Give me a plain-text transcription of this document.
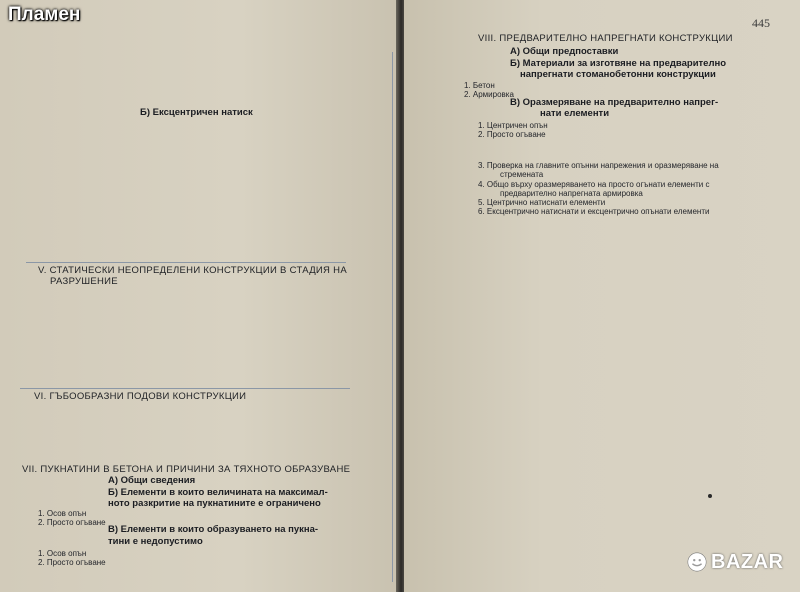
Пламен
Б) Ексцентричен натиск
V. СТАТИЧЕСКИ НЕОПРЕДЕЛЕНИ КОНСТРУКЦИИ В СТАДИЯ НА
РАЗРУШЕНИЕ
VI. ГЪБООБРАЗНИ ПОДОВИ КОНСТРУКЦИИ
VII. ПУКНАТИНИ В БЕТОНА И ПРИЧИНИ ЗА ТЯХНОТО ОБРАЗУВАНЕ
А) Общи сведения
Б) Елементи в които величината на максимал-
ното разкритие на пукнатините е ограничено
1. Осов опън
2. Просто огъване
В) Елементи в които образуването на пукна-
тини е недопустимо
1. Осов опън
2. Просто огъване
445
VIII. ПРЕДВАРИТЕЛНО НАПРЕГНАТИ КОНСТРУКЦИИ
А) Общи предпоставки
Б) Материали за изготвяне на предварително
напрегнати стоманобетонни конструкции
1. Бетон
2. Армировка
В) Оразмеряване на предварително напрег-
нати елементи
1. Центричен опън
2. Просто огъване
3. Проверка на главните опънни напрежения и оразмеряване на
стремената
4. Общо върху оразмеряването на просто огънати елементи с
предварително напрегната армировка
5. Центрично натиснати елементи
6. Ексцентрично натиснати и ексцентрично опънати елементи
BAZAR
